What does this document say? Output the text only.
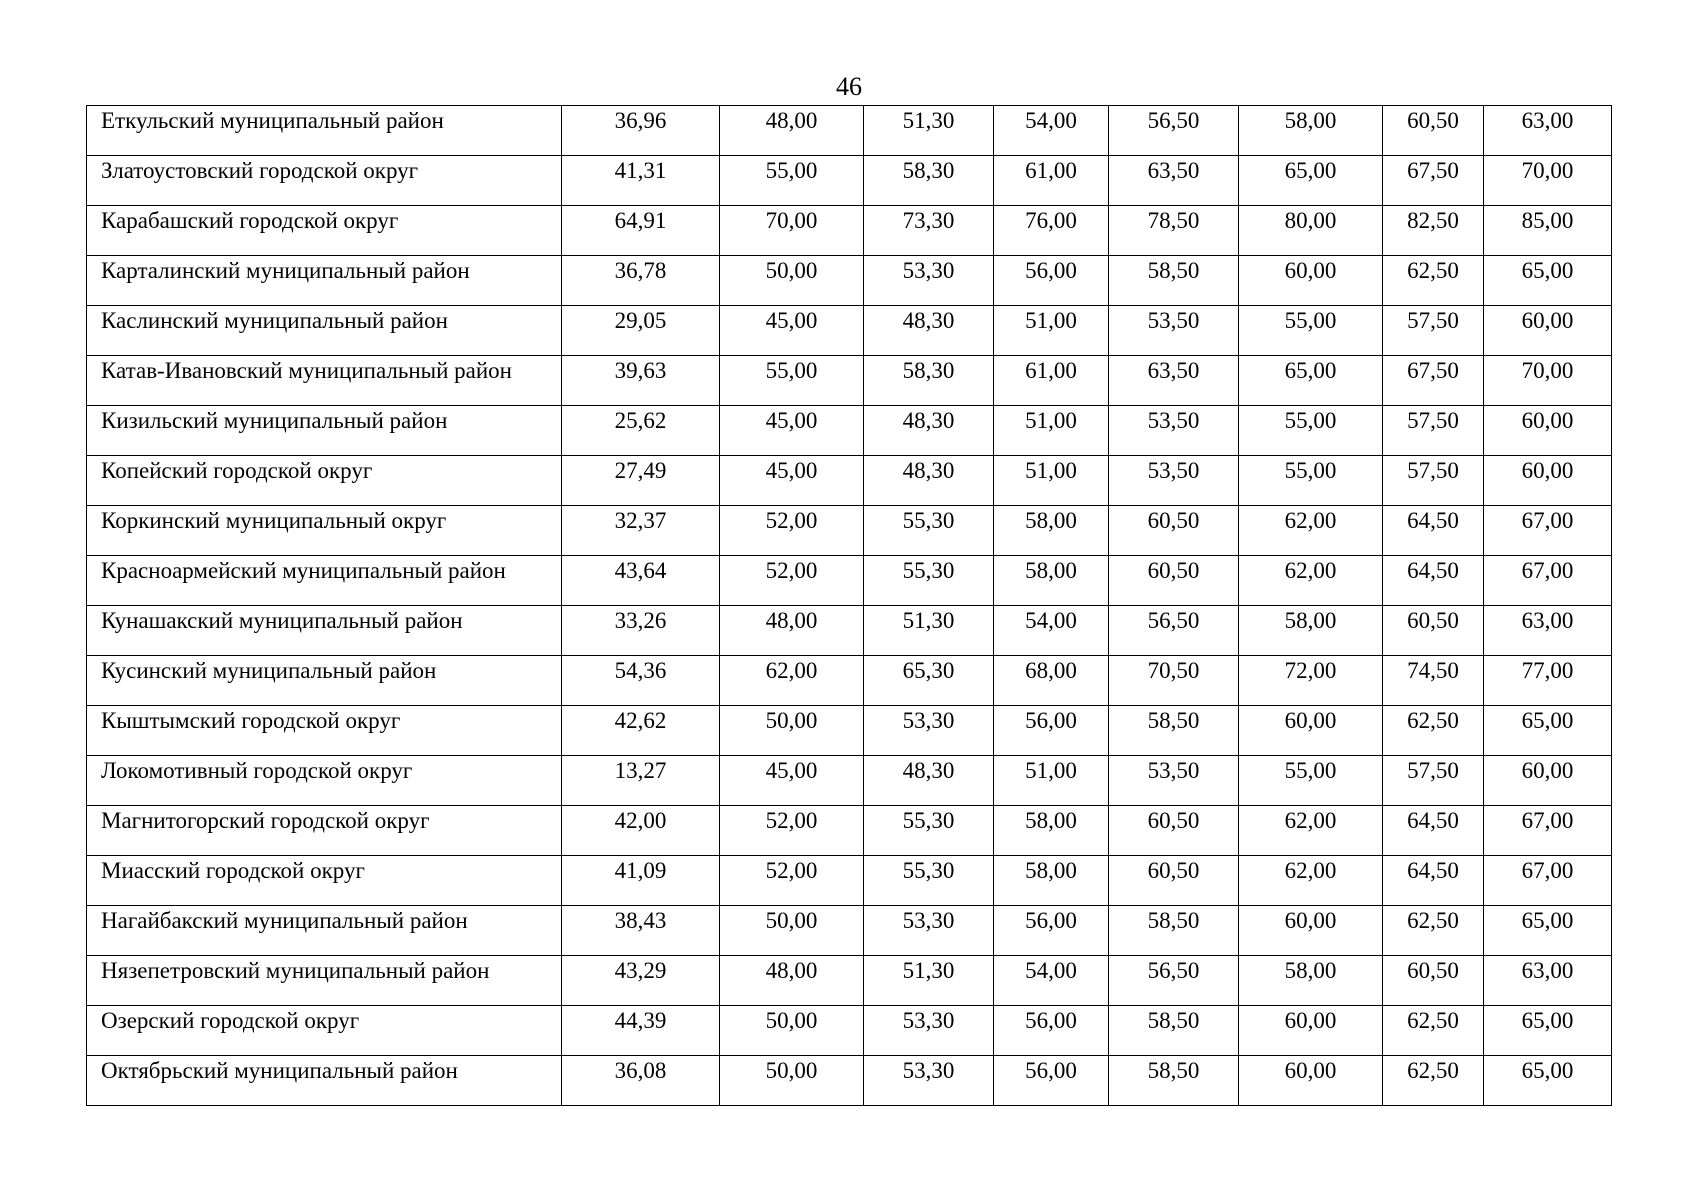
46
Еткульский муниципальный район	36,96	48,00	51,30	54,00	56,50	58,00	60,50	63,00
Златоустовский городской округ	41,31	55,00	58,30	61,00	63,50	65,00	67,50	70,00
Карабашский городской округ	64,91	70,00	73,30	76,00	78,50	80,00	82,50	85,00
Карталинский муниципальный район	36,78	50,00	53,30	56,00	58,50	60,00	62,50	65,00
Каслинский муниципальный район	29,05	45,00	48,30	51,00	53,50	55,00	57,50	60,00
Катав-Ивановский муниципальный район	39,63	55,00	58,30	61,00	63,50	65,00	67,50	70,00
Кизильский муниципальный район	25,62	45,00	48,30	51,00	53,50	55,00	57,50	60,00
Копейский городской округ	27,49	45,00	48,30	51,00	53,50	55,00	57,50	60,00
Коркинский муниципальный округ	32,37	52,00	55,30	58,00	60,50	62,00	64,50	67,00
Красноармейский муниципальный район	43,64	52,00	55,30	58,00	60,50	62,00	64,50	67,00
Кунашакский муниципальный район	33,26	48,00	51,30	54,00	56,50	58,00	60,50	63,00
Кусинский муниципальный район	54,36	62,00	65,30	68,00	70,50	72,00	74,50	77,00
Кыштымский городской округ	42,62	50,00	53,30	56,00	58,50	60,00	62,50	65,00
Локомотивный городской округ	13,27	45,00	48,30	51,00	53,50	55,00	57,50	60,00
Магнитогорский городской округ	42,00	52,00	55,30	58,00	60,50	62,00	64,50	67,00
Миасский городской округ	41,09	52,00	55,30	58,00	60,50	62,00	64,50	67,00
Нагайбакский муниципальный район	38,43	50,00	53,30	56,00	58,50	60,00	62,50	65,00
Нязепетровский муниципальный район	43,29	48,00	51,30	54,00	56,50	58,00	60,50	63,00
Озерский городской округ	44,39	50,00	53,30	56,00	58,50	60,00	62,50	65,00
Октябрьский муниципальный район	36,08	50,00	53,30	56,00	58,50	60,00	62,50	65,00
